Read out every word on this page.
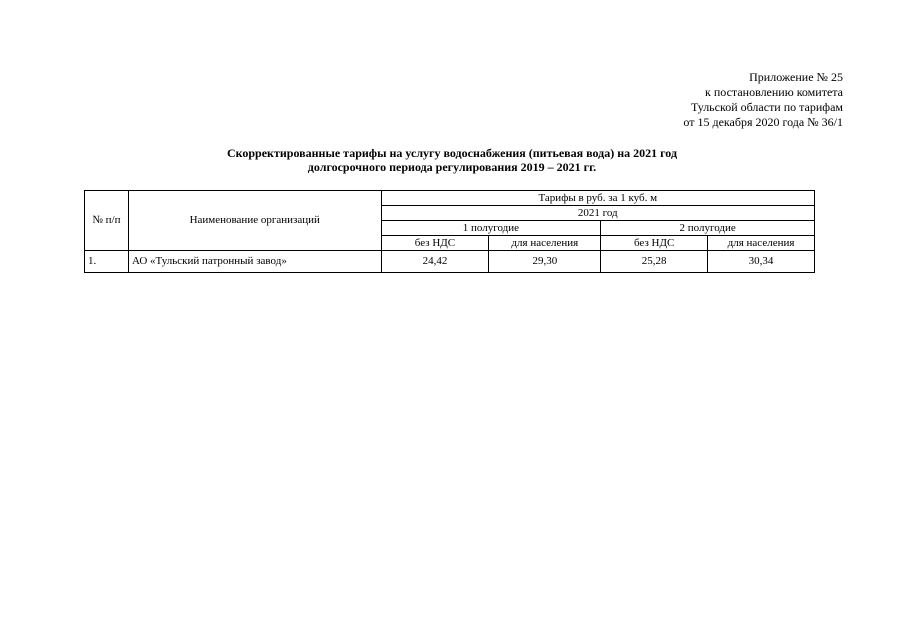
Приложение № 25
к постановлению комитета
Тульской области по тарифам
от 15 декабря 2020 года № 36/1
Скорректированные тарифы на услугу водоснабжения (питьевая вода) на 2021 год
долгосрочного периода регулирования 2019 – 2021 гг.
№ п/п	Наименование организаций	Тарифы в руб. за 1 куб. м			
		2021 год			
		1 полугодие		2 полугодие	
		без НДС	для населения	без НДС	для населения
1.	АО «Тульский патронный завод»	24,42	29,30	25,28	30,34
